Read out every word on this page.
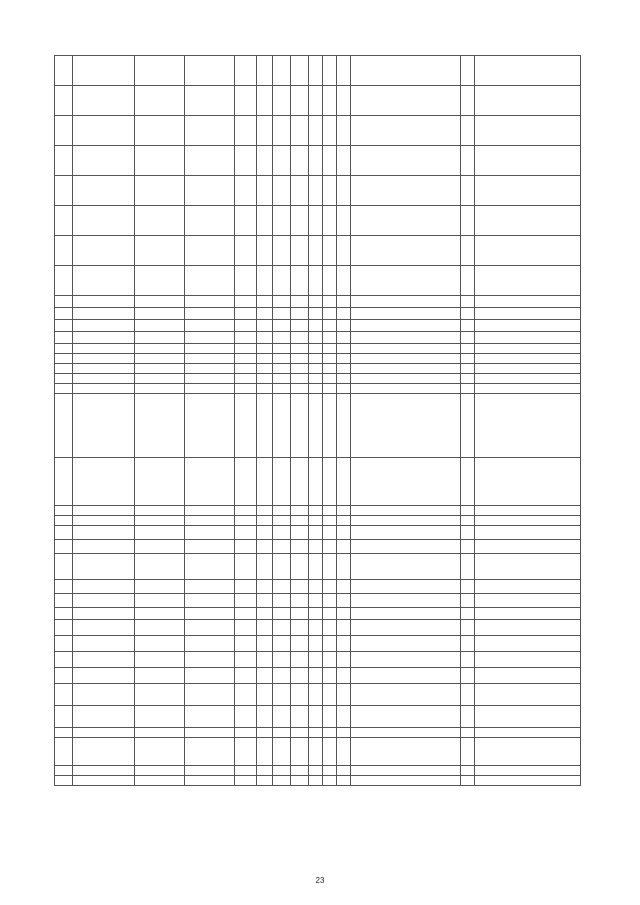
23
